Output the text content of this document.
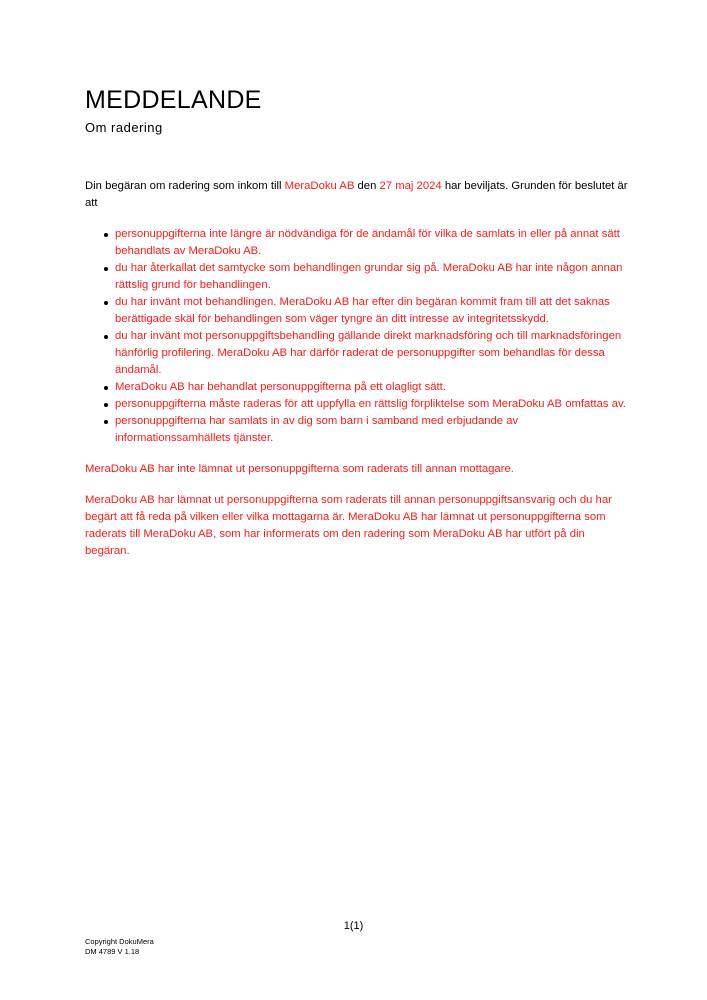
MEDDELANDE
Om radering

Din begäran om radering som inkom till MeraDoku AB den 27 maj 2024 har beviljats. Grunden för beslutet är att

personuppgifterna inte längre är nödvändiga för de ändamål för vilka de samlats in eller på annat sätt behandlats av MeraDoku AB.
du har återkallat det samtycke som behandlingen grundar sig på. MeraDoku AB har inte någon annan rättslig grund för behandlingen.
du har invänt mot behandlingen. MeraDoku AB har efter din begäran kommit fram till att det saknas berättigade skäl för behandlingen som väger tyngre än ditt intresse av integritetsskydd.
du har invänt mot personuppgiftsbehandling gällande direkt marknadsföring och till marknadsföringen hänförlig profilering. MeraDoku AB har därför raderat de personuppgifter som behandlas för dessa ändamål.
MeraDoku AB har behandlat personuppgifterna på ett olagligt sätt.
personuppgifterna måste raderas för att uppfylla en rättslig förpliktelse som MeraDoku AB omfattas av.
personuppgifterna har samlats in av dig som barn i samband med erbjudande av informationssamhällets tjänster.

MeraDoku AB har inte lämnat ut personuppgifterna som raderats till annan mottagare.

MeraDoku AB har lämnat ut personuppgifterna som raderats till annan personuppgiftsansvarig och du har begärt att få reda på vilken eller vilka mottagarna är. MeraDoku AB har lämnat ut personuppgifterna som raderats till MeraDoku AB, som har informerats om den radering som MeraDoku AB har utfört på din begäran.

1(1)
Copyright DokuMera
DM 4789 V 1.18
